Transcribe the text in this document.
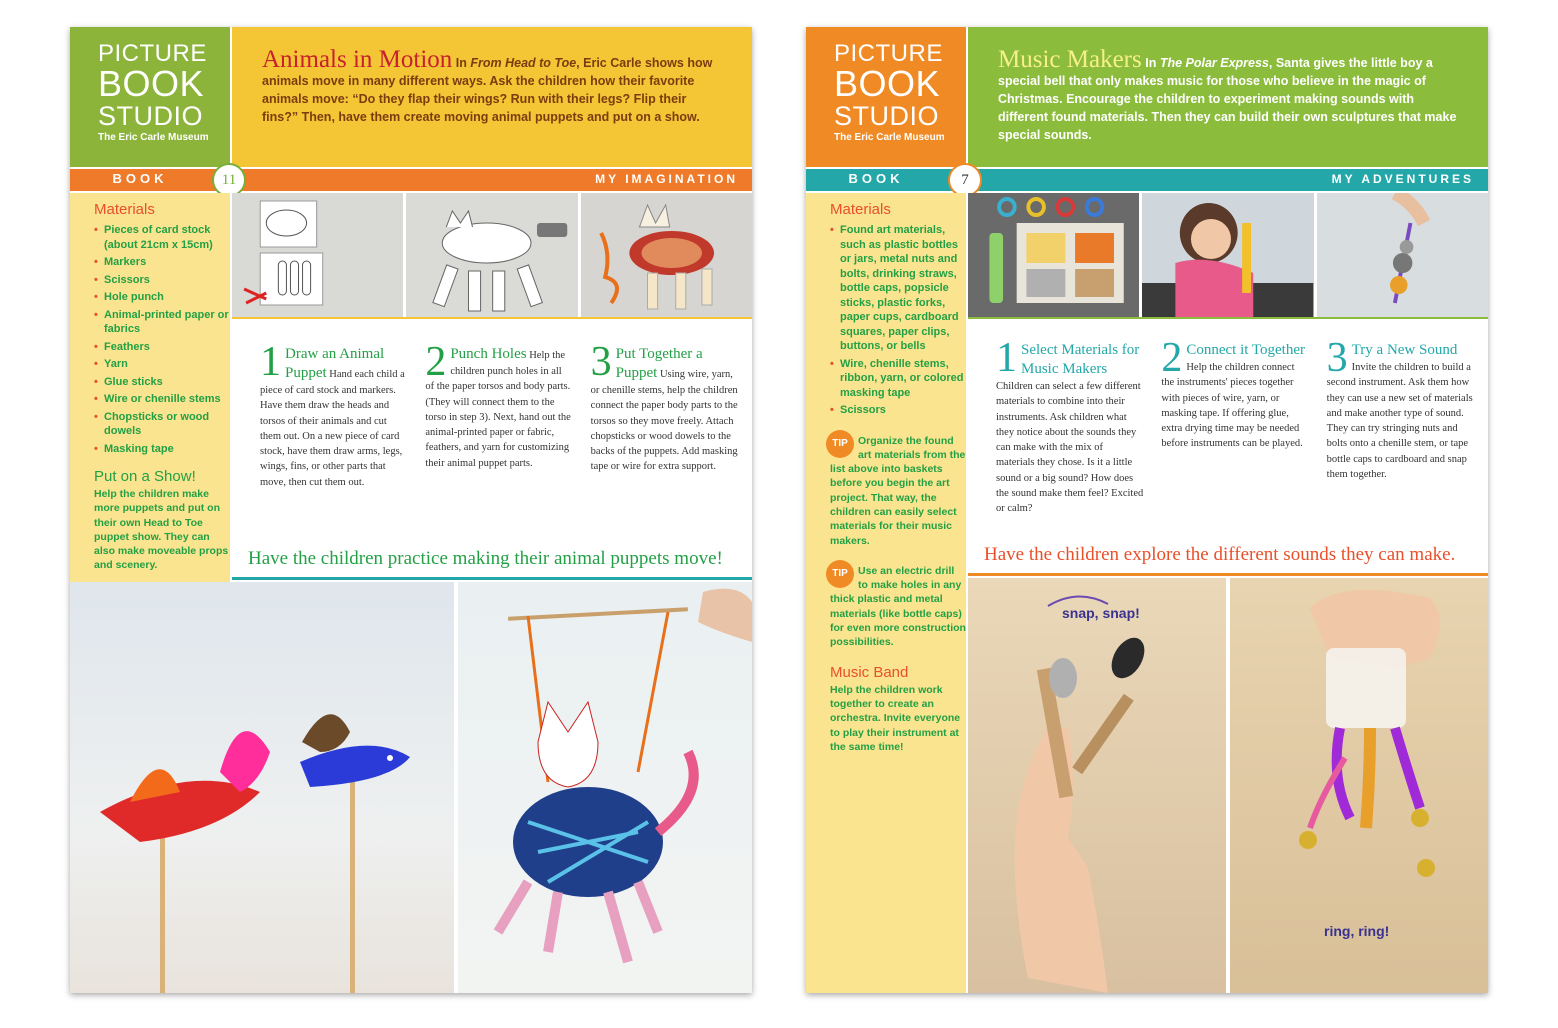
PICTURE
BOOK
STUDIO
The Eric Carle Museum
Animals in Motion In From Head to Toe, Eric Carle shows how animals move in many different ways. Ask the children how their favorite animals move: “Do they flap their wings? Run with their legs? Flip their fins?” Then, have them create moving animal puppets and put on a show.
BOOK	11	MY IMAGINATION
Materials
• Pieces of card stock (about 21cm x 15cm)
• Markers
• Scissors
• Hole punch
• Animal-printed paper or fabrics
• Feathers
• Yarn
• Glue sticks
• Wire or chenille stems
• Chopsticks or wood dowels
• Masking tape
Put on a Show!
Help the children make more puppets and put on their own Head to Toe puppet show. They can also make moveable props and scenery.
1 Draw an Animal Puppet Hand each child a piece of card stock and markers. Have them draw the heads and torsos of their animals and cut them out. On a new piece of card stock, have them draw arms, legs, wings, fins, or other parts that move, then cut them out.
2 Punch Holes Help the children punch holes in all of the paper torsos and body parts. (They will connect them to the torso in step 3). Next, hand out the animal-printed paper or fabric, feathers, and yarn for customizing their animal puppet parts.
3 Put Together a Puppet Using wire, yarn, or chenille stems, help the children connect the paper body parts to the torsos so they move freely. Attach chopsticks or wood dowels to the backs of the puppets. Add masking tape or wire for extra support.
Have the children practice making their animal puppets move!
PICTURE
BOOK
STUDIO
The Eric Carle Museum
Music Makers In The Polar Express, Santa gives the little boy a special bell that only makes music for those who believe in the magic of Christmas. Encourage the children to experiment making sounds with different found materials. Then they can build their own sculptures that make special sounds.
BOOK	7	MY ADVENTURES
Materials
• Found art materials, such as plastic bottles or jars, metal nuts and bolts, drinking straws, bottle caps, popsicle sticks, plastic forks, paper cups, cardboard squares, paper clips, buttons, or bells
• Wire, chenille stems, ribbon, yarn, or colored masking tape
• Scissors
TIP Organize the found art materials from the list above into baskets before you begin the art project. That way, the children can easily select materials for their music makers.
TIP Use an electric drill to make holes in any thick plastic and metal materials (like bottle caps) for even more construction possibilities.
Music Band
Help the children work together to create an orchestra. Invite everyone to play their instrument at the same time!
1 Select Materials for Music Makers Children can select a few different materials to combine into their instruments. Ask children what they notice about the sounds they can make with the mix of materials they chose. Is it a little sound or a big sound? How does the sound make them feel? Excited or calm?
2 Connect it Together Help the children connect the instruments' pieces together with pieces of wire, yarn, or masking tape. If offering glue, extra drying time may be needed before instruments can be played.
3 Try a New Sound Invite the children to build a second instrument. Ask them how they can use a new set of materials and make another type of sound. They can try stringing nuts and bolts onto a chenille stem, or tape bottle caps to cardboard and snap them together.
Have the children explore the different sounds they can make.
snap, snap!
ring, ring!
